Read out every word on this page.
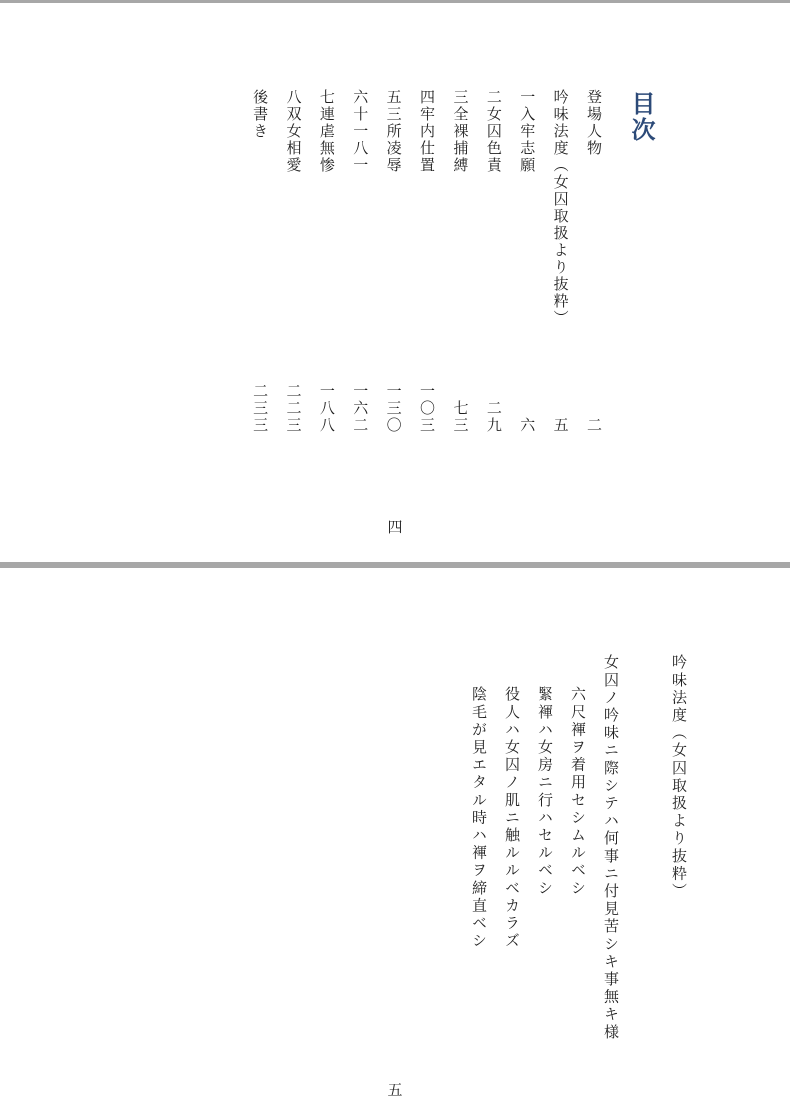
目次
登場人物
二
吟味法度（女囚取扱より抜粋）
五
一
入牢志願
六
二
女囚色責
二九
三
全裸捕縛
七三
四
牢内仕置
一〇三
五
三所凌辱
一三〇
六
十一八一
一六二
七
連虐無惨
一八八
八
双女相愛
二二三
後書き
二三三
四
吟味法度（女囚取扱より抜粋）
女囚ノ吟味ニ際シテハ何事ニ付見苦シキ事無キ様
六尺褌ヲ着用セシムルベシ
緊褌ハ女房ニ行ハセルベシ
役人ハ女囚ノ肌ニ触ルルベカラズ
陰毛が見エタル時ハ褌ヲ締直ベシ
五
